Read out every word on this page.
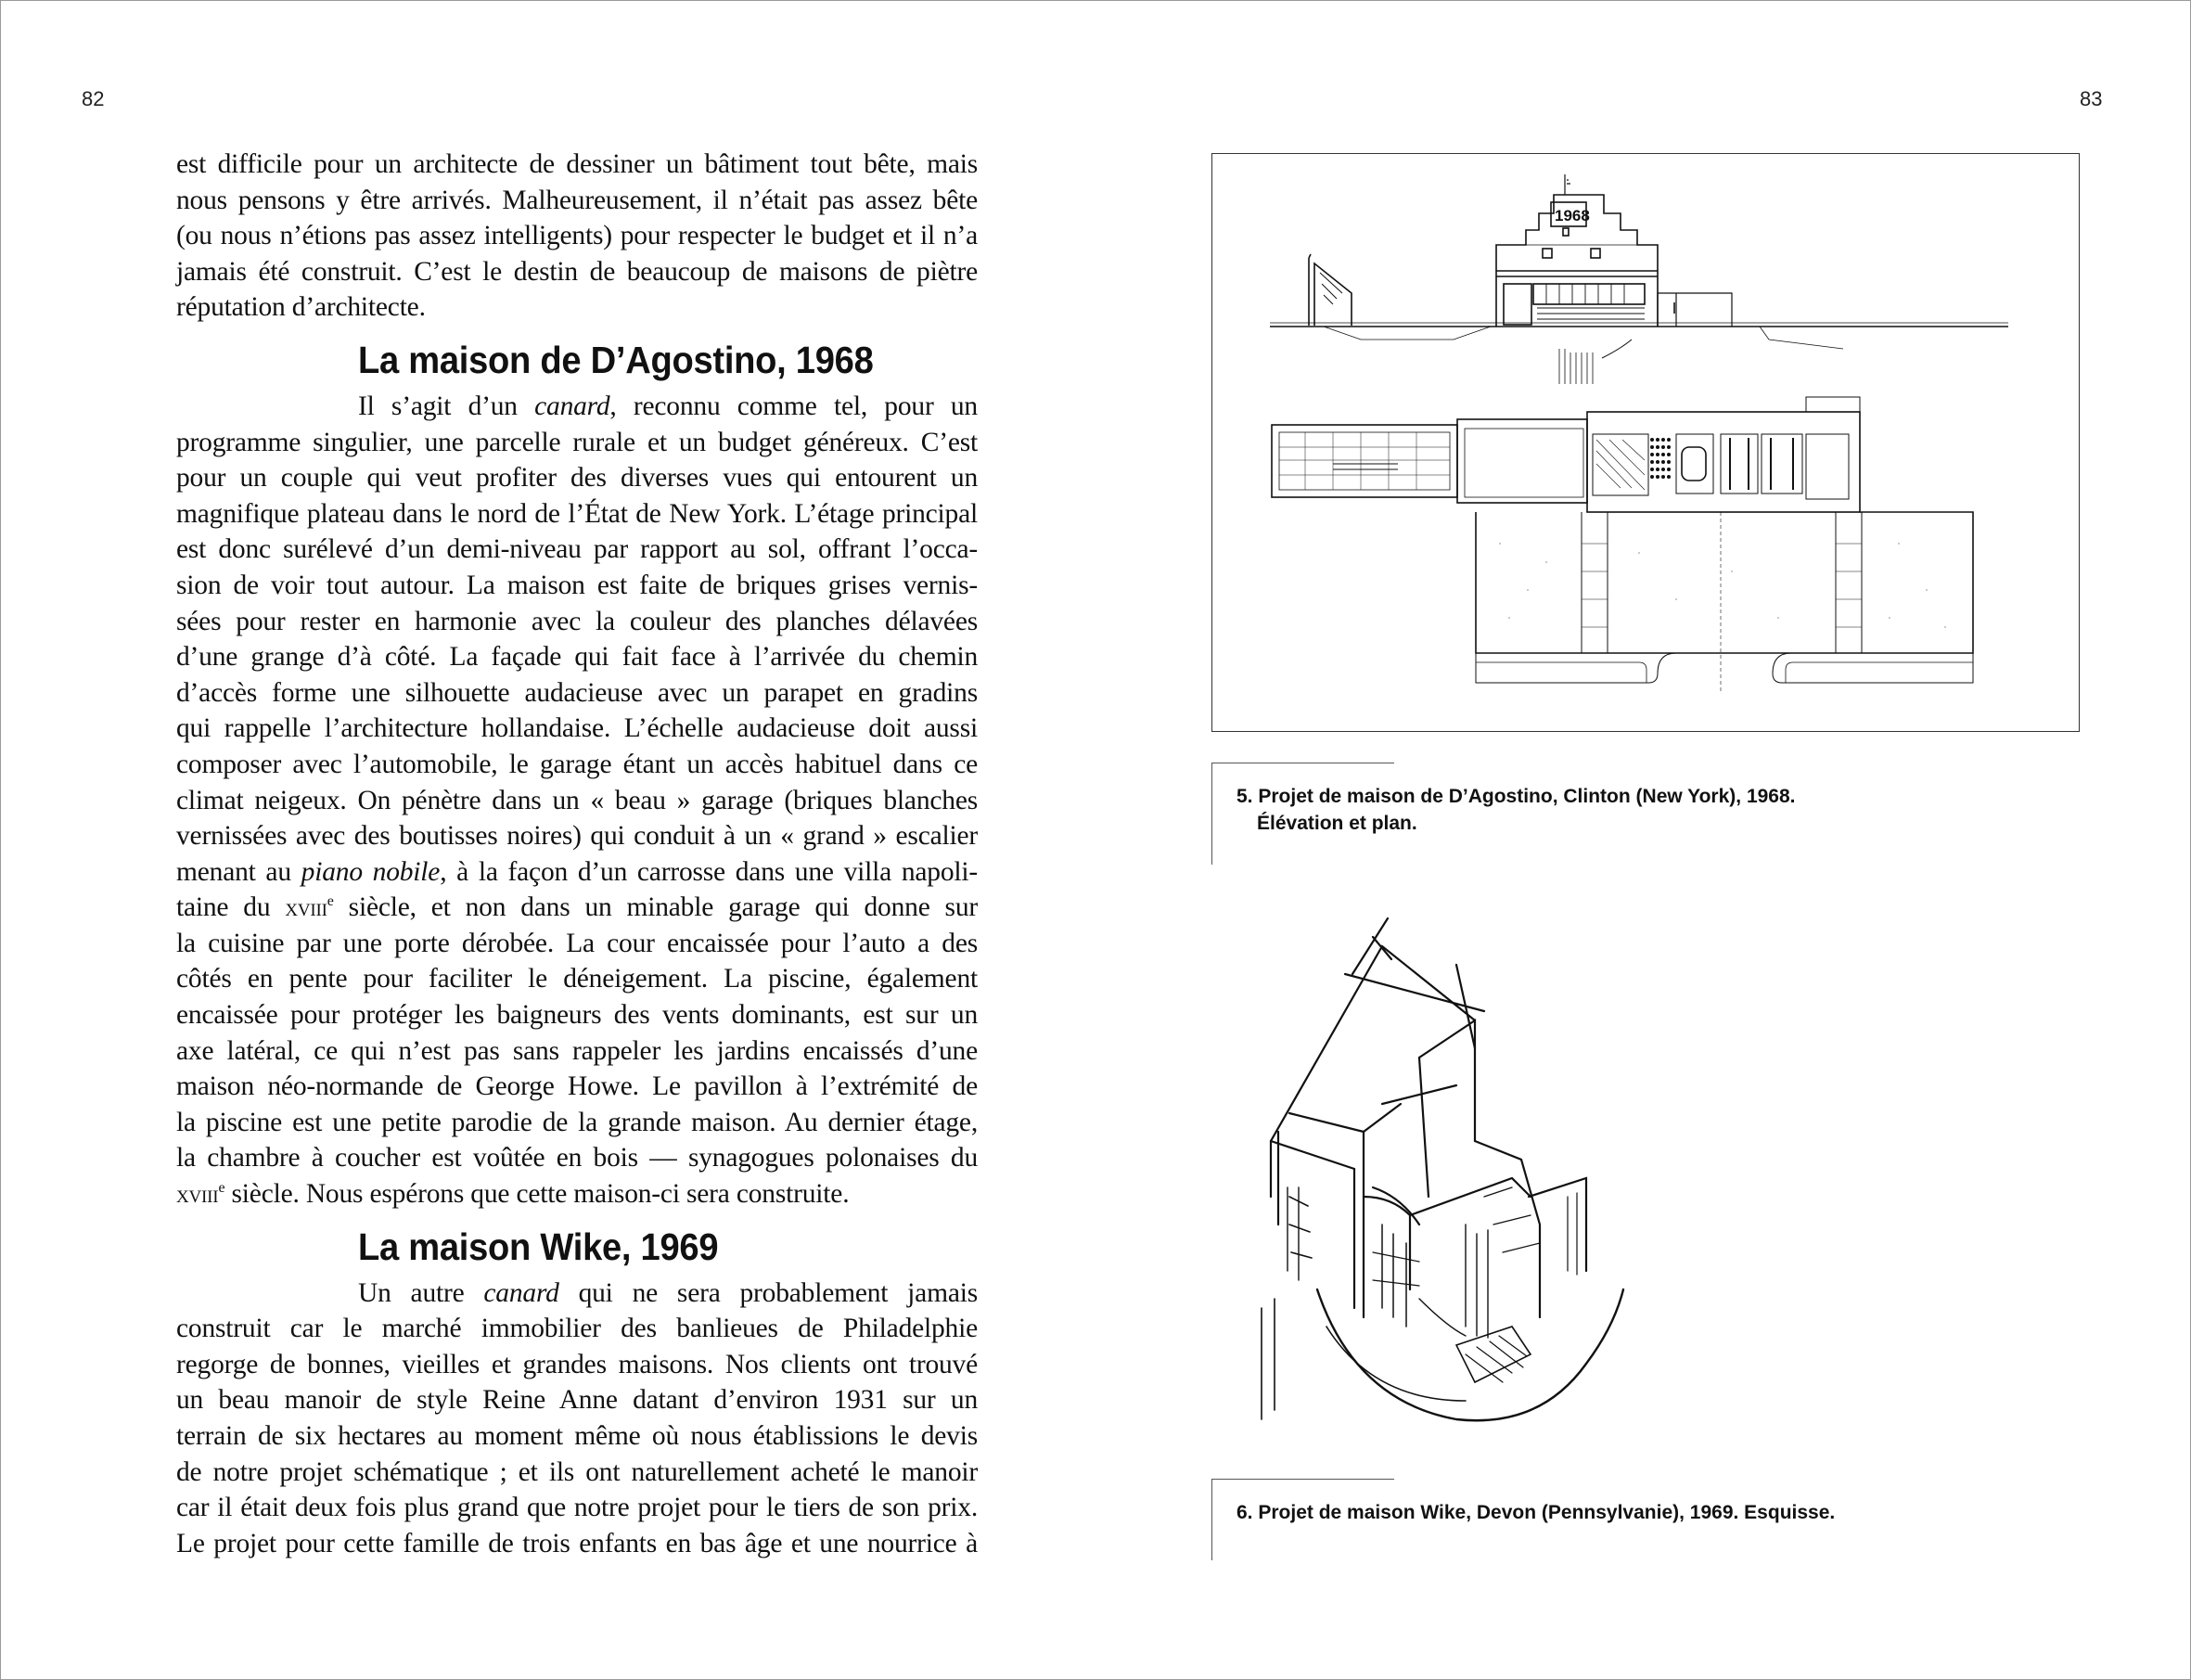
82	83

est difficile pour un architecte de dessiner un bâtiment tout bête, mais
nous pensons y être arrivés. Malheureusement, il n’était pas assez bête
(ou nous n’étions pas assez intelligents) pour respecter le budget et il n’a
jamais été construit. C’est le destin de beaucoup de maisons de piètre
réputation d’architecte.

La maison de D’Agostino, 1968

Il s’agit d’un canard, reconnu comme tel, pour un
programme singulier, une parcelle rurale et un budget généreux. C’est
pour un couple qui veut profiter des diverses vues qui entourent un
magnifique plateau dans le nord de l’État de New York. L’étage principal
est donc surélevé d’un demi-niveau par rapport au sol, offrant l’occa-
sion de voir tout autour. La maison est faite de briques grises vernis-
sées pour rester en harmonie avec la couleur des planches délavées
d’une grange d’à côté. La façade qui fait face à l’arrivée du chemin
d’accès forme une silhouette audacieuse avec un parapet en gradins
qui rappelle l’architecture hollandaise. L’échelle audacieuse doit aussi
composer avec l’automobile, le garage étant un accès habituel dans ce
climat neigeux. On pénètre dans un « beau » garage (briques blanches
vernissées avec des boutisses noires) qui conduit à un « grand » escalier
menant au piano nobile, à la façon d’un carrosse dans une villa napoli-
taine du xviii$^e$ siècle, et non dans un minable garage qui donne sur
la cuisine par une porte dérobée. La cour encaissée pour l’auto a des
côtés en pente pour faciliter le déneigement. La piscine, également
encaissée pour protéger les baigneurs des vents dominants, est sur un
axe latéral, ce qui n’est pas sans rappeler les jardins encaissés d’une
maison néo-normande de George Howe. Le pavillon à l’extrémité de
la piscine est une petite parodie de la grande maison. Au dernier étage,
la chambre à coucher est voûtée en bois — synagogues polonaises du
xviii$^e$ siècle. Nous espérons que cette maison-ci sera construite.

La maison Wike, 1969

Un autre canard qui ne sera probablement jamais
construit car le marché immobilier des banlieues de Philadelphie
regorge de bonnes, vieilles et grandes maisons. Nos clients ont trouvé
un beau manoir de style Reine Anne datant d’environ 1931 sur un
terrain de six hectares au moment même où nous établissions le devis
de notre projet schématique ; et ils ont naturellement acheté le manoir
car il était deux fois plus grand que notre projet pour le tiers de son prix.
Le projet pour cette famille de trois enfants en bas âge et une nourrice à

1968
5. Projet de maison de D’Agostino, Clinton (New York), 1968.
Élévation et plan.
6. Projet de maison Wike, Devon (Pennsylvanie), 1969. Esquisse.
